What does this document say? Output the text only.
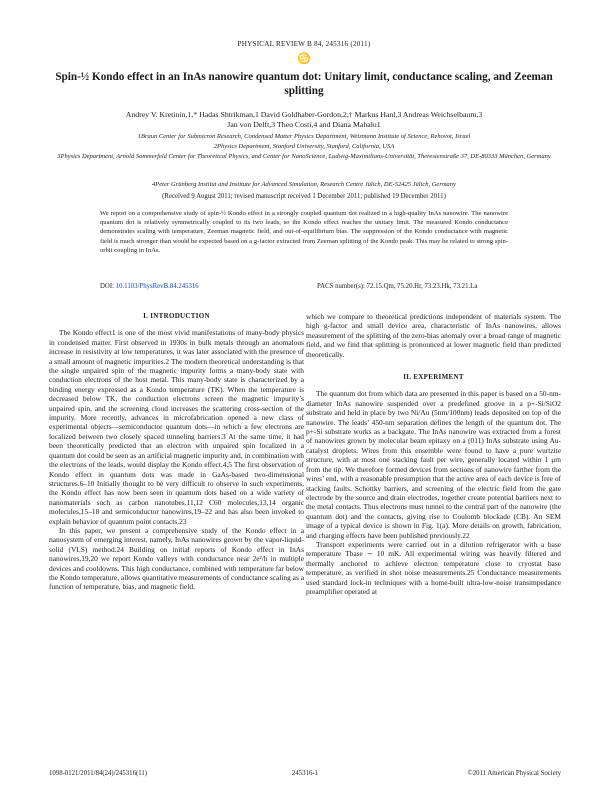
PHYSICAL REVIEW B 84, 245316 (2011)
♋
Spin-½ Kondo effect in an InAs nanowire quantum dot: Unitary limit, conductance scaling, and Zeeman splitting
Andrey V. Kretinin,1,* Hadas Shtrikman,1 David Goldhaber-Gordon,2,† Markus Hanl,3 Andreas Weichselbaum,3
Jan von Delft,3 Theo Costi,4 and Diana Mahalu1
1Braun Center for Submicron Research, Condensed Matter Physics Department, Weizmann Institute of Science, Rehovot, Israel
2Physics Department, Stanford University, Stanford, California, USA
3Physics Department, Arnold Sommerfeld Center for Theoretical Physics, and Center for NanoScience, Ludwig-Maximilians-Universität, Theresienstraße 37, DE-80333 München, Germany
4Peter Grünberg Institut and Institute for Advanced Simulation, Research Centre Jülich, DE-52425 Jülich, Germany
(Received 9 August 2011; revised manuscript received 1 December 2011; published 19 December 2011)
We report on a comprehensive study of spin-½ Kondo effect in a strongly coupled quantum dot realized in a high-quality InAs nanowire. The nanowire quantum dot is relatively symmetrically coupled to its two leads, so the Kondo effect reaches the unitary limit. The measured Kondo conductance demonstrates scaling with temperature, Zeeman magnetic field, and out-of-equilibrium bias. The suppression of the Kondo conductance with magnetic field is much stronger than would be expected based on a g-factor extracted from Zeeman splitting of the Kondo peak. This may be related to strong spin-orbit coupling in InAs.
DOI: 10.1103/PhysRevB.84.245316	PACS number(s): 72.15.Qm, 75.20.Hr, 73.23.Hk, 73.21.La
I. INTRODUCTION

The Kondo effect1 is one of the most vivid manifestations of many-body physics in condensed matter. First observed in 1930s in bulk metals through an anomalous increase in resistivity at low temperatures, it was later associated with the presence of a small amount of magnetic impurities.2 The modern theoretical understanding is that the single unpaired spin of the magnetic impurity forms a many-body state with conduction electrons of the host metal. This many-body state is characterized by a binding energy expressed as a Kondo temperature (TK). When the temperature is decreased below TK, the conduction electrons screen the magnetic impurity’s unpaired spin, and the screening cloud increases the scattering cross-section of the impurity. More recently, advances in microfabrication opened a new class of experimental objects—semiconductor quantum dots—in which a few electrons are localized between two closely spaced tunneling barriers.3 At the same time, it had been theoretically predicted that an electron with unpaired spin localized in a quantum dot could be seen as an artificial magnetic impurity and, in combination with the electrons of the leads, would display the Kondo effect.4,5 The first observation of Kondo effect in quantum dots was made in GaAs-based two-dimensional structures.6–10 Initially thought to be very difficult to observe in such experiments, the Kondo effect has now been seen in quantum dots based on a wide variety of nanomaterials such as carbon nanotubes,11,12 C60 molecules,13,14 organic molecules,15–18 and semiconductor nanowires,19–22 and has also been invoked to explain behavior of quantum point contacts.23

In this paper, we present a comprehensive study of the Kondo effect in a nanosystem of emerging interest, namely, InAs nanowires grown by the vapor-liquid-solid (VLS) method.24 Building on initial reports of Kondo effect in InAs nanowires,19,20 we report Kondo valleys with conductance near 2e²/h in multiple devices and cooldowns. This high conductance, combined with temperature far below the Kondo temperature, allows quantitative measurements of conductance scaling as a function of temperature, bias, and magnetic field,

which we compare to theoretical predictions independent of materials system. The high g-factor and small device area, characteristic of InAs nanowires, allows measurement of the splitting of the zero-bias anomaly over a broad range of magnetic field, and we find that splitting is pronounced at lower magnetic field than predicted theoretically.

II. EXPERIMENT

The quantum dot from which data are presented in this paper is based on a 50-nm-diameter InAs nanowire suspended over a predefined groove in a p+-Si/SiO2 substrate and held in place by two Ni/Au (5nm/100nm) leads deposited on top of the nanowire. The leads’ 450-nm separation defines the length of the quantum dot. The p+-Si substrate works as a backgate. The InAs nanowire was extracted from a forest of nanowires grown by molecular beam epitaxy on a (011) InAs substrate using Au-catalyst droplets. Wires from this ensemble were found to have a pure wurtzite structure, with at most one stacking fault per wire, generally located within 1 μm from the tip. We therefore formed devices from sections of nanowire farther from the wires’ end, with a reasonable presumption that the active area of each device is free of stacking faults. Schottky barriers, and screening of the electric field from the gate electrode by the source and drain electrodes, together create potential barriers next to the metal contacts. Thus electrons must tunnel to the central part of the nanowire (the quantum dot) and the contacts, giving rise to Coulomb blockade (CB). An SEM image of a typical device is shown in Fig. 1(a). More details on growth, fabrication, and charging effects have been published previously.22

Transport experiments were carried out in a dilution refrigerator with a base temperature Tbase ∼ 10 mK. All experimental wiring was heavily filtered and thermally anchored to achieve electron temperature close to cryostat base temperature, as verified in shot noise measurements.25 Conductance measurements used standard lock-in techniques with a home-built ultra-low-noise transimpedance preamplifier operated at

1098-0121/2011/84(24)/245316(11)	245316-1	©2011 American Physical Society
